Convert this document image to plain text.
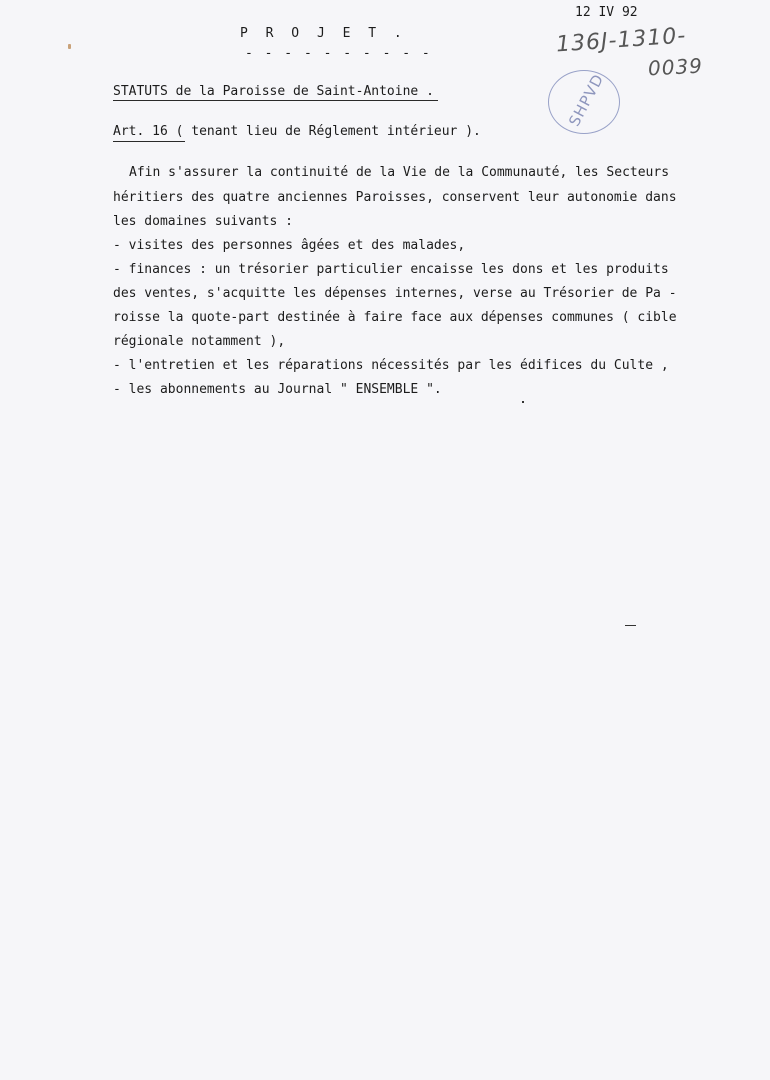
12 IV 92
P R O J E T .
- - - - - - - - - -	136J-1310-
0039
SHPVD
STATUTS de la Paroisse de Saint-Antoine .
Art. 16 ( tenant lieu de Réglement intérieur ).
Afin s'assurer la continuité de la Vie de la Communauté, les Secteurs
héritiers des quatre anciennes Paroisses, conservent leur autonomie dans
les domaines suivants :
- visites des personnes âgées et des malades,
- finances : un trésorier particulier encaisse les dons et les produits
des ventes, s'acquitte les dépenses internes, verse au Trésorier de Pa -
roisse la quote-part destinée à faire face aux dépenses communes ( cible
régionale notamment ),
- l'entretien et les réparations nécessités par les édifices du Culte ,
- les abonnements au Journal " ENSEMBLE ".
